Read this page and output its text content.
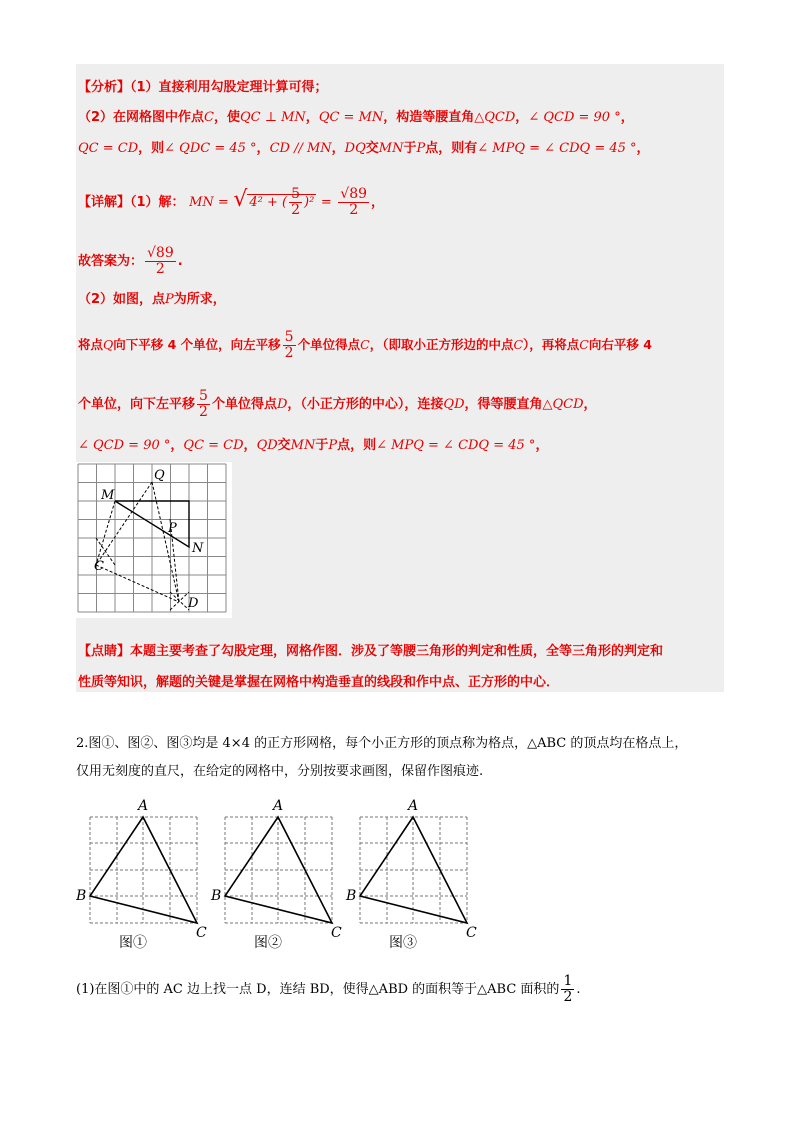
【分析】（1）直接利用勾股定理计算可得；
（2）在网格图中作点C，使QC ⊥ MN，QC = MN，构造等腰直角△QCD，∠ QCD = 90 °，
QC = CD，则∠ QDC = 45 °，CD // MN，DQ交MN于P点，则有∠ MPQ = ∠ CDQ = 45 °，
【详解】（1）解： MN = √ 4² + ( $\frac{5}{2} )^2 = \frac{√89}{2}$ ，
故答案为： $\frac{√89}{2}$ .
（2）如图，点P为所求，
将点Q向下平移 4 个单位，向左平移 $\frac{5}{2}$ 个单位得点C，（即取小正方形边的中点C），再将点C向右平移 4
个单位，向下左平移 $\frac{5}{2}$ 个单位得点D，（小正方形的中心），连接QD，得等腰直角△QCD，
∠ QCD = 90 °，QC = CD，QD交MN于P点，则∠ MPQ = ∠ CDQ = 45 °，
M
Q
P
N
C
D
【点睛】本题主要考查了勾股定理，网格作图．涉及了等腰三角形的判定和性质，全等三角形的判定和
性质等知识，解题的关键是掌握在网格中构造垂直的线段和作中点、正方形的中心．
2.图①、图②、图③均是 4×4 的正方形网格，每个小正方形的顶点称为格点，△ABC 的顶点均在格点上，
仅用无刻度的直尺，在给定的网格中，分别按要求画图，保留作图痕迹.
A
B
C
图①
A
B
C
图②
A
B
C
图③
(1)在图①中的 AC 边上找一点 D，连结 BD，使得△ABD 的面积等于△ABC 面积的 $\frac{1}{2}$ .
